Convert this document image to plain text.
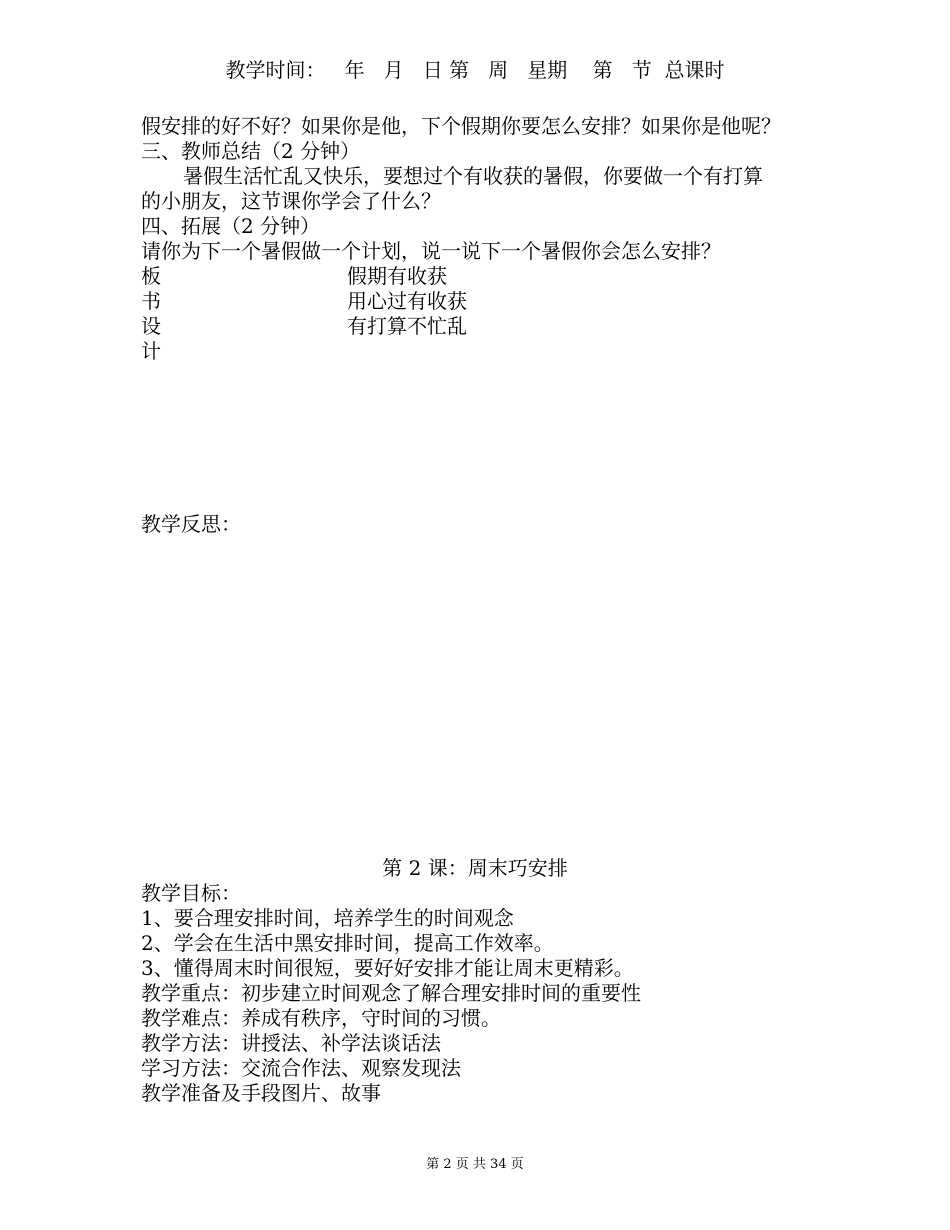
教学时间：   年   月   日 第   周   星期    第   节  总课时
假安排的好不好？如果你是他，下个假期你要怎么安排？如果你是他呢？
三、教师总结（2 分钟）
暑假生活忙乱又快乐，要想过个有收获的暑假，你要做一个有打算
的小朋友，这节课你学会了什么？
四、拓展（2 分钟）
请你为下一个暑假做一个计划，说一说下一个暑假你会怎么安排？
板
书
设
计
假期有收获
用心过有收获
有打算不忙乱
教学反思：
第 2 课：周末巧安排
教学目标：
1、要合理安排时间，培养学生的时间观念
2、学会在生活中黑安排时间，提高工作效率。
3、懂得周末时间很短，要好好安排才能让周末更精彩。
教学重点：初步建立时间观念了解合理安排时间的重要性
教学难点：养成有秩序，守时间的习惯。
教学方法：讲授法、补学法谈话法
学习方法：交流合作法、观察发现法
教学准备及手段图片、故事
第 2 页 共 34 页
